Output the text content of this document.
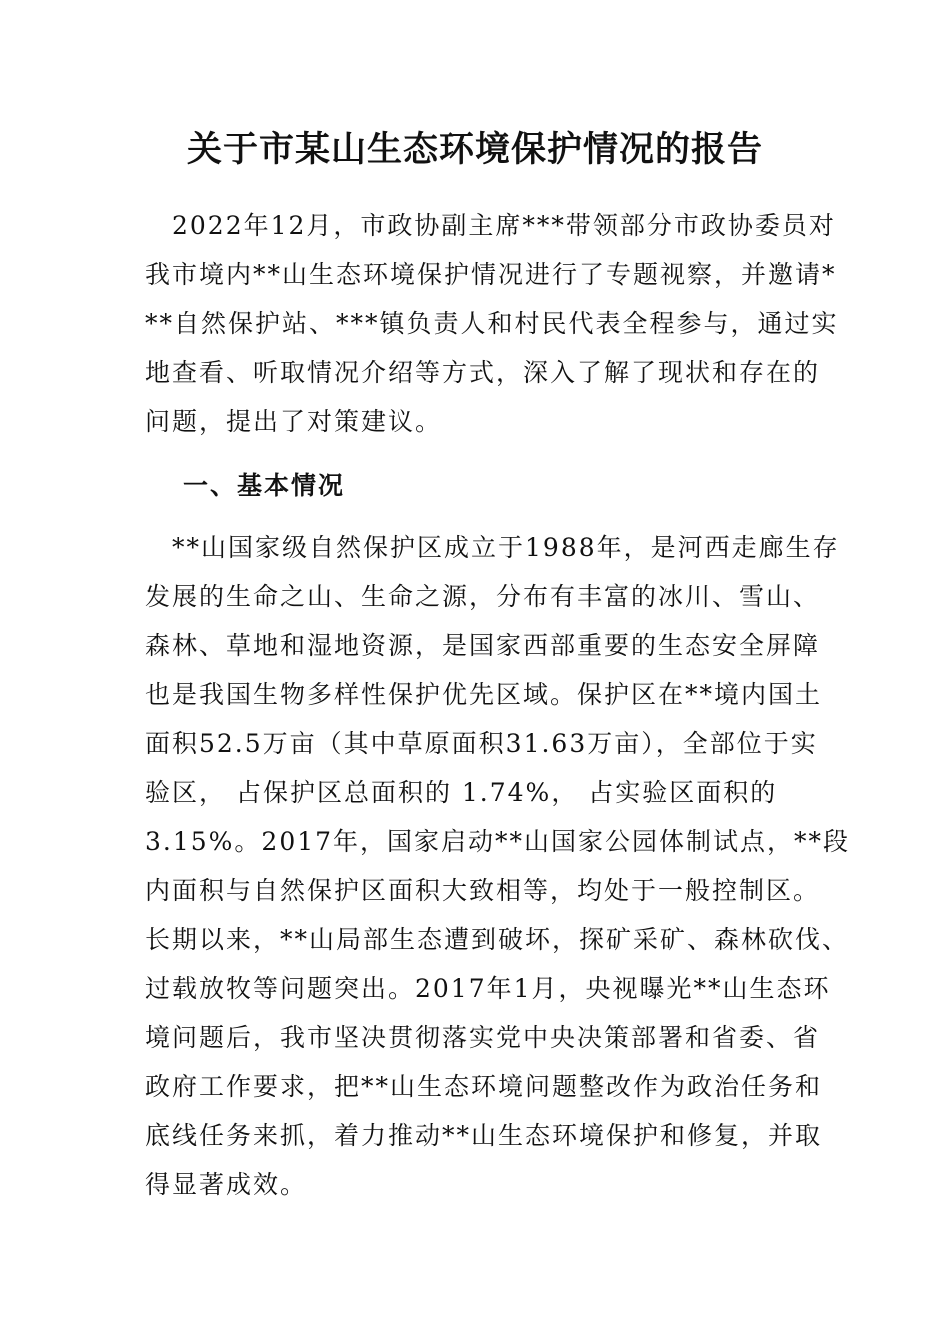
关于市某山生态环境保护情况的报告
　2022年12月，市政协副主席***带领部分市政协委员对
我市境内**山生态环境保护情况进行了专题视察，并邀请*
**自然保护站、***镇负责人和村民代表全程参与，通过实
地查看、听取情况介绍等方式，深入了解了现状和存在的
问题，提出了对策建议。
一、基本情况
　**山国家级自然保护区成立于1988年，是河西走廊生存
发展的生命之山、生命之源，分布有丰富的冰川、雪山、
森林、草地和湿地资源，是国家西部重要的生态安全屏障
也是我国生物多样性保护优先区域。保护区在**境内国土
面积52.5万亩（其中草原面积31.63万亩），全部位于实
验区， 占保护区总面积的 1.74%， 占实验区面积的
3.15%。2017年，国家启动**山国家公园体制试点，**段
内面积与自然保护区面积大致相等，均处于一般控制区。
长期以来，**山局部生态遭到破坏，探矿采矿、森林砍伐、
过载放牧等问题突出。2017年1月，央视曝光**山生态环
境问题后，我市坚决贯彻落实党中央决策部署和省委、省
政府工作要求，把**山生态环境问题整改作为政治任务和
底线任务来抓，着力推动**山生态环境保护和修复，并取
得显著成效。
